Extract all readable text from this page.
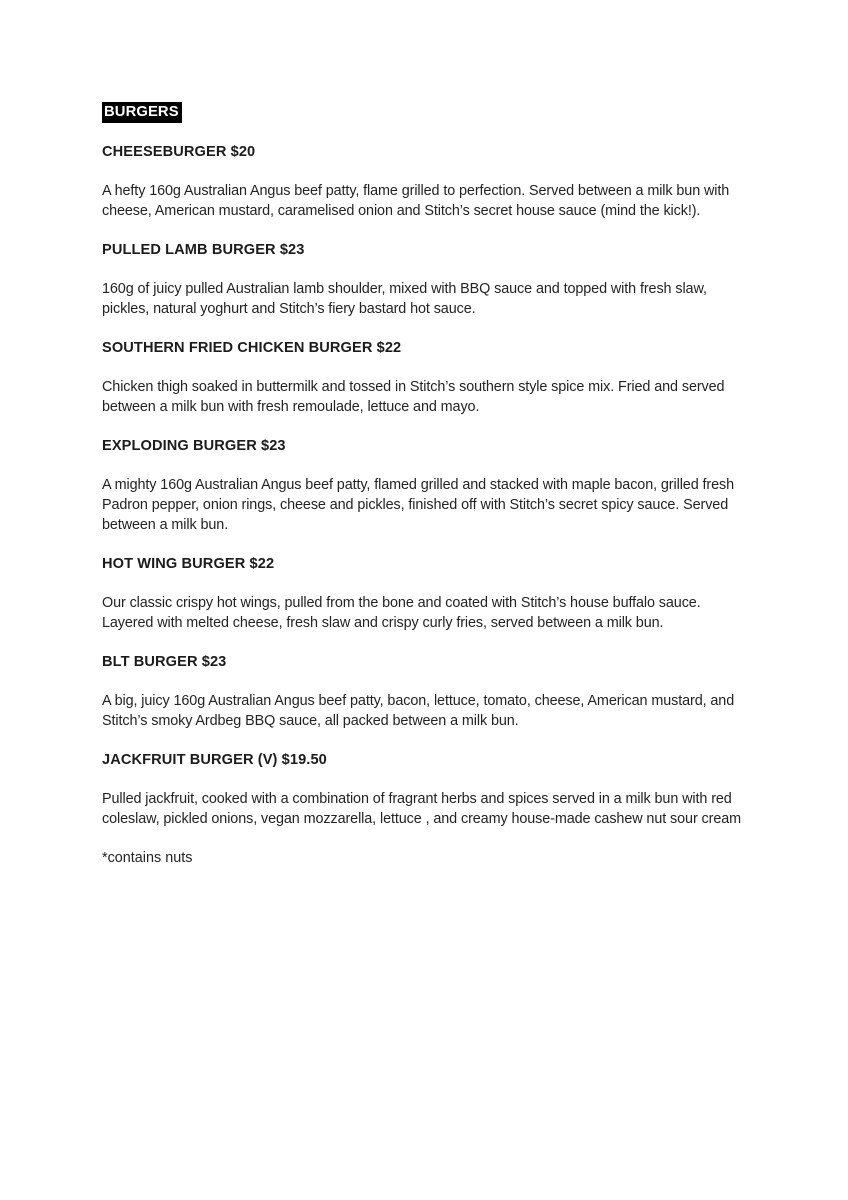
BURGERS

CHEESEBURGER $20

A hefty 160g Australian Angus beef patty, flame grilled to perfection. Served between a milk bun with cheese, American mustard, caramelised onion and Stitch’s secret house sauce (mind the kick!).

PULLED LAMB BURGER $23

160g of juicy pulled Australian lamb shoulder, mixed with BBQ sauce and topped with fresh slaw, pickles, natural yoghurt and Stitch’s fiery bastard hot sauce.

SOUTHERN FRIED CHICKEN BURGER $22

Chicken thigh soaked in buttermilk and tossed in Stitch’s southern style spice mix. Fried and served between a milk bun with fresh remoulade, lettuce and mayo.

EXPLODING BURGER $23

A mighty 160g Australian Angus beef patty, flamed grilled and stacked with maple bacon, grilled fresh Padron pepper, onion rings, cheese and pickles, finished off with Stitch’s secret spicy sauce. Served between a milk bun.

HOT WING BURGER $22

Our classic crispy hot wings, pulled from the bone and coated with Stitch’s house buffalo sauce. Layered with melted cheese, fresh slaw and crispy curly fries, served between a milk bun.

BLT BURGER $23

A big, juicy 160g Australian Angus beef patty, bacon, lettuce, tomato, cheese, American mustard, and Stitch’s smoky Ardbeg BBQ sauce, all packed between a milk bun.

JACKFRUIT BURGER (V) $19.50

Pulled jackfruit, cooked with a combination of fragrant herbs and spices served in a milk bun with red coleslaw, pickled onions, vegan mozzarella, lettuce , and creamy house-made cashew nut sour cream

*contains nuts
